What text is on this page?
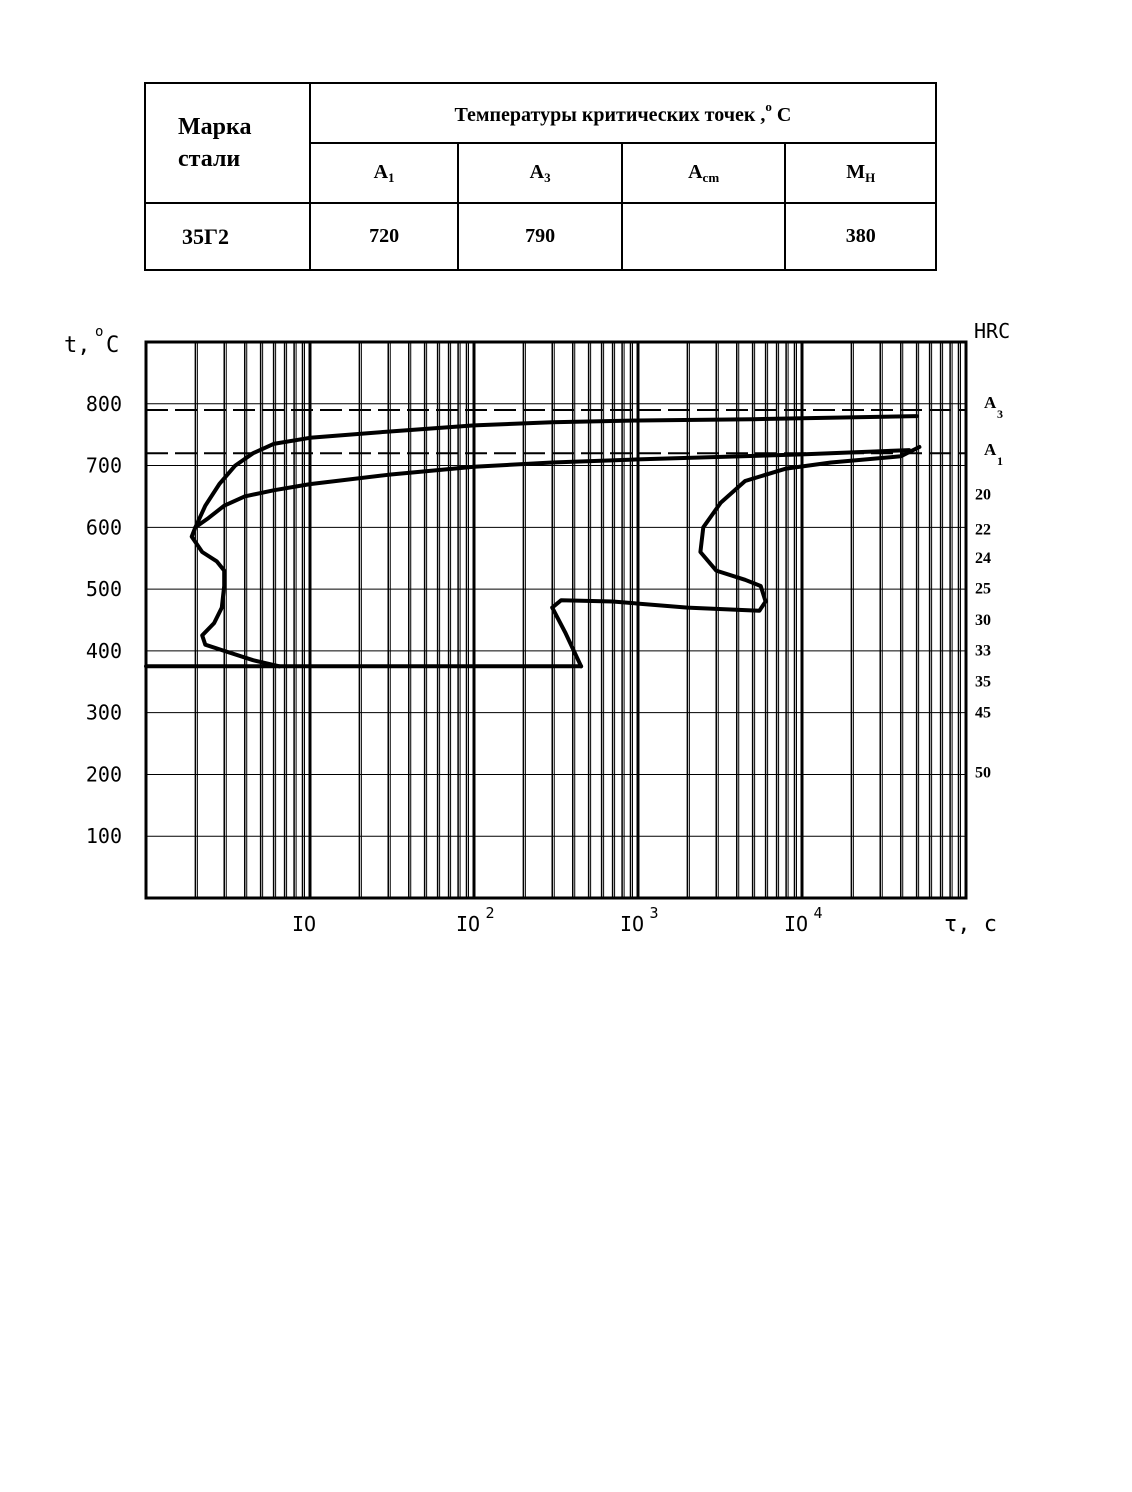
Марка
стали	Температуры критических точек ,$^o$ C			
	$A_1$	$A_3$	$A_{cm}$	$M_H$
35Г2	720	790		380
100
200
300
400
500
600
700
800	A
3
A
1
IO	IO 2	IO 3	IO 4
t,
o
C
τ, c
HRC
20
22
24
25
30
33
35
45
50
